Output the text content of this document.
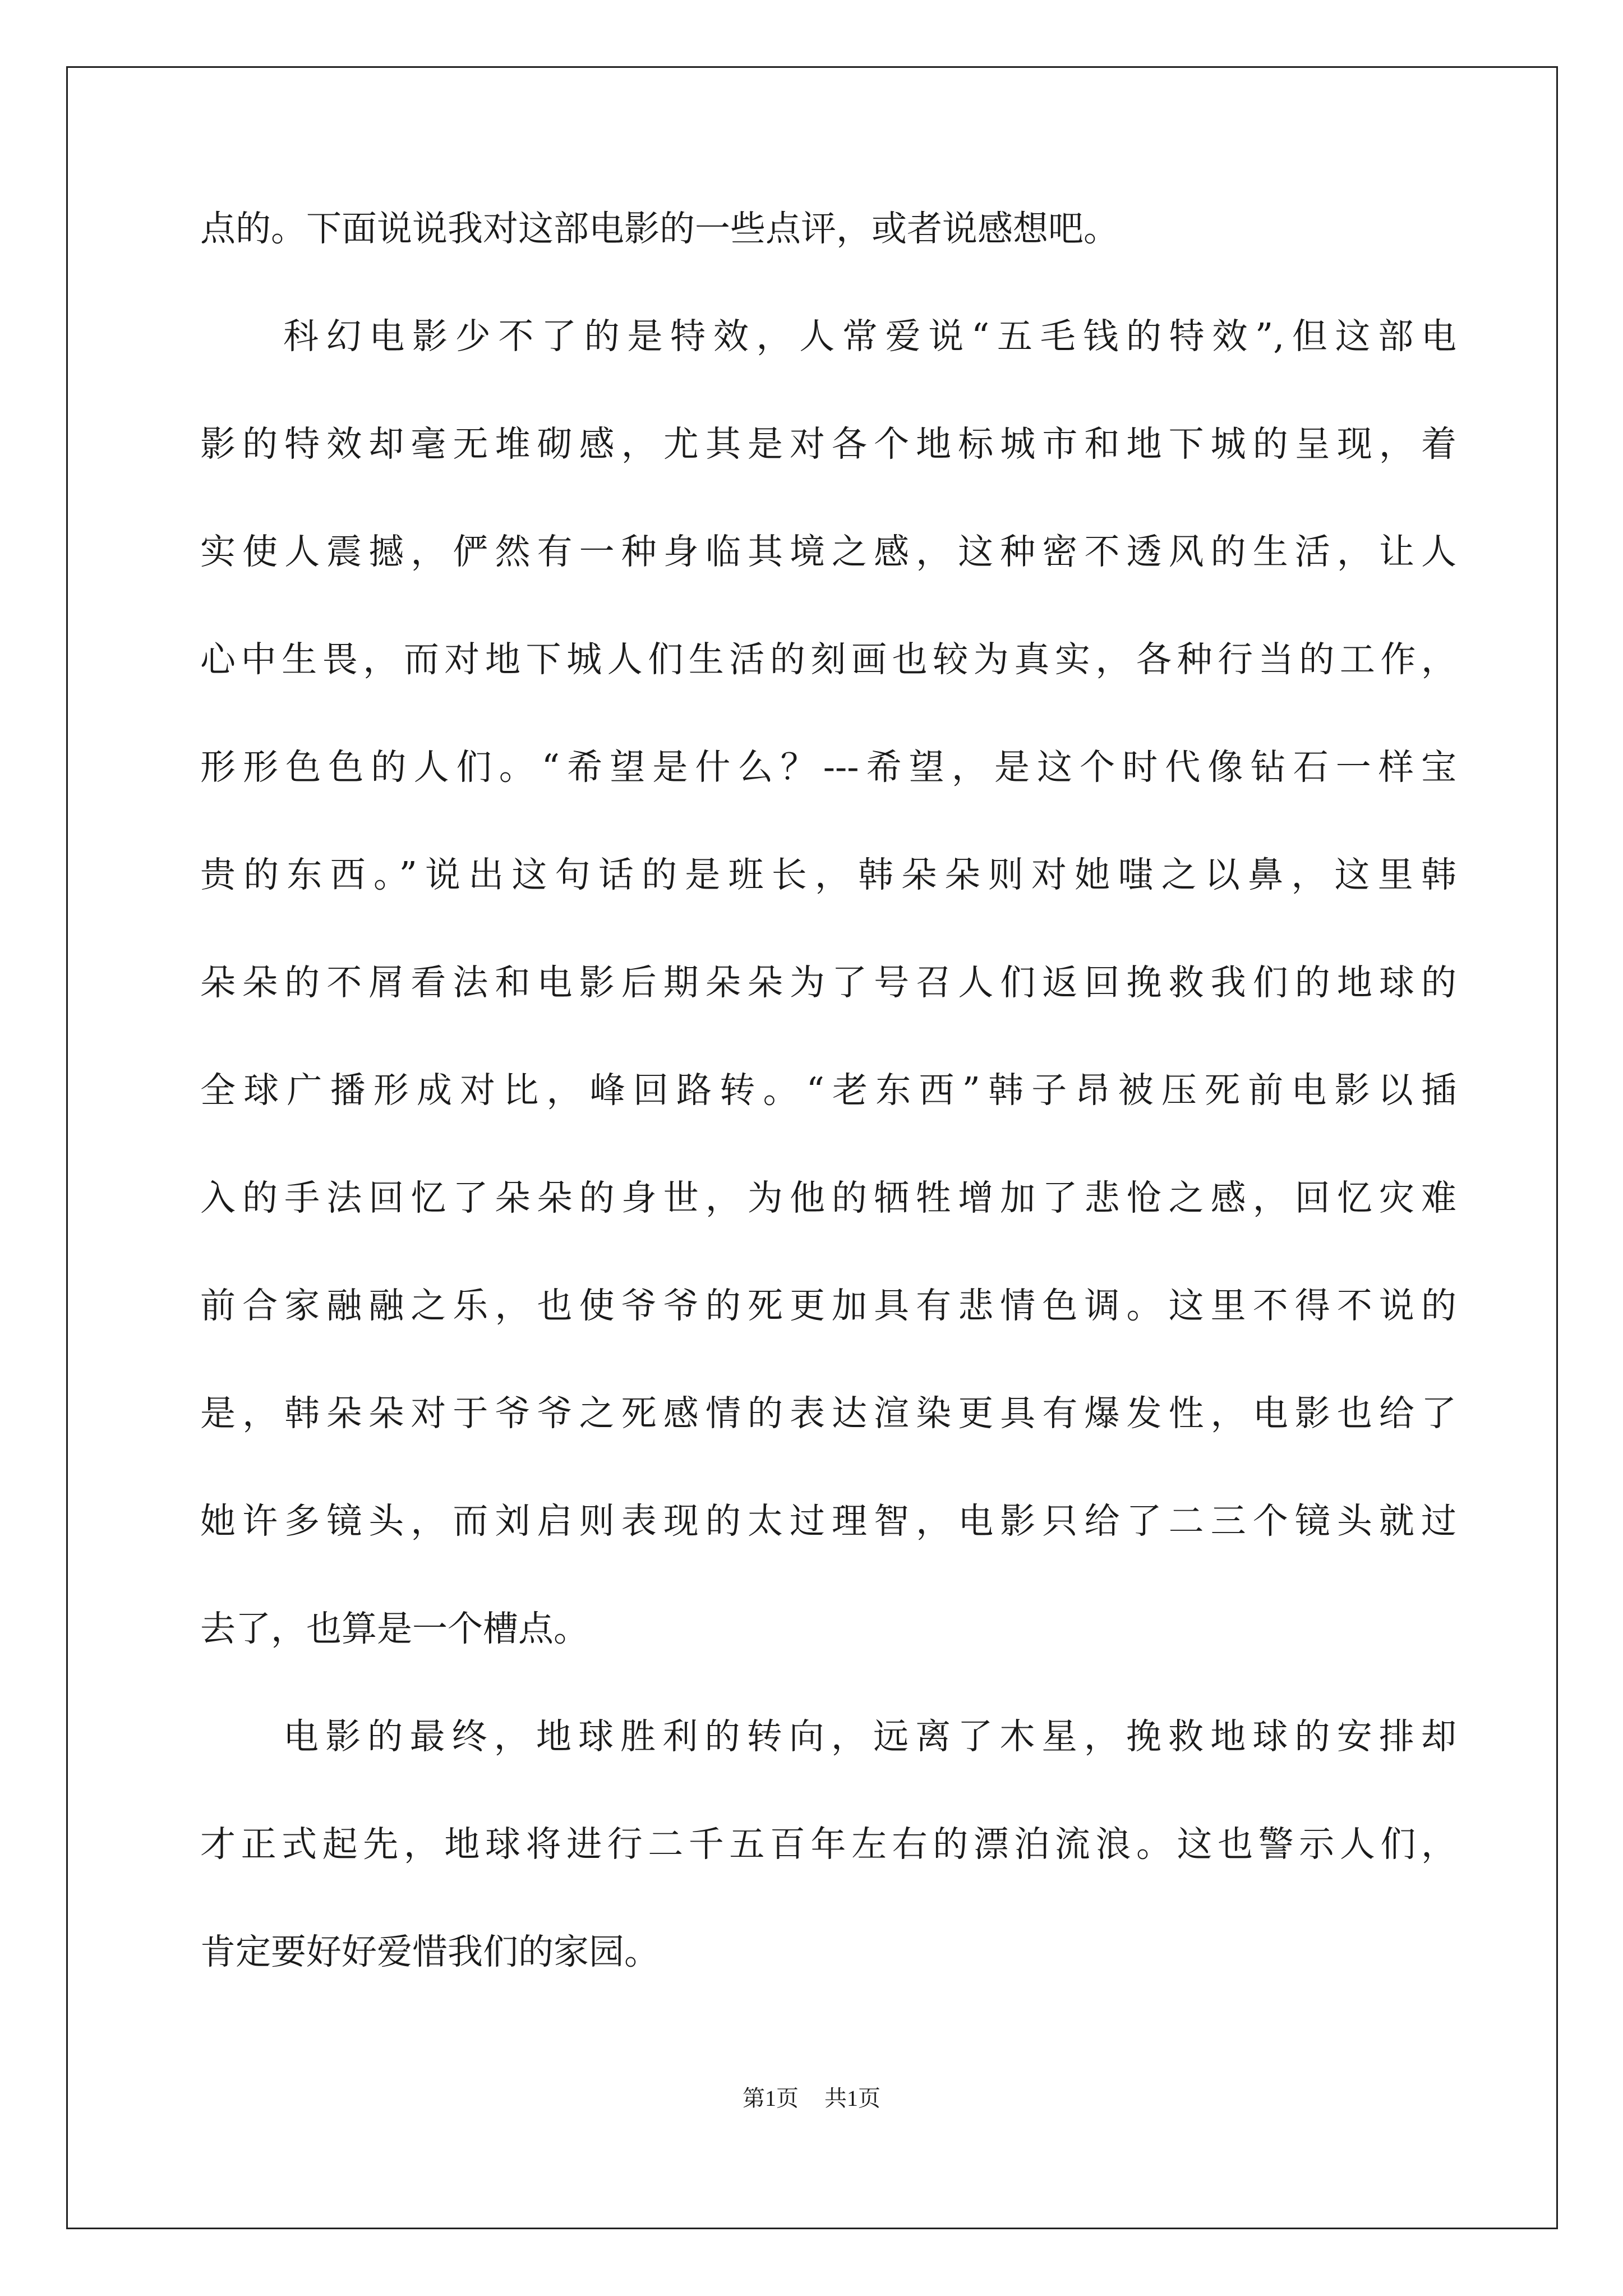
点的。下面说说我对这部电影的一些点评，或者说感想吧。
科幻电影少不了的是特效，人常爱说“五毛钱的特效”,但这部电
影的特效却毫无堆砌感，尤其是对各个地标城市和地下城的呈现，着
实使人震撼，俨然有一种身临其境之感，这种密不透风的生活，让人
心中生畏，而对地下城人们生活的刻画也较为真实，各种行当的工作，
形形色色的人们。“希望是什么？---希望，是这个时代像钻石一样宝
贵的东西。”说出这句话的是班长，韩朵朵则对她嗤之以鼻，这里韩
朵朵的不屑看法和电影后期朵朵为了号召人们返回挽救我们的地球的
全球广播形成对比，峰回路转。“老东西”韩子昂被压死前电影以插
入的手法回忆了朵朵的身世，为他的牺牲增加了悲怆之感，回忆灾难
前合家融融之乐，也使爷爷的死更加具有悲情色调。这里不得不说的
是，韩朵朵对于爷爷之死感情的表达渲染更具有爆发性，电影也给了
她许多镜头，而刘启则表现的太过理智，电影只给了二三个镜头就过
去了，也算是一个槽点。
电影的最终，地球胜利的转向，远离了木星，挽救地球的安排却
才正式起先，地球将进行二千五百年左右的漂泊流浪。这也警示人们，
肯定要好好爱惜我们的家园。
第1页 共1页
